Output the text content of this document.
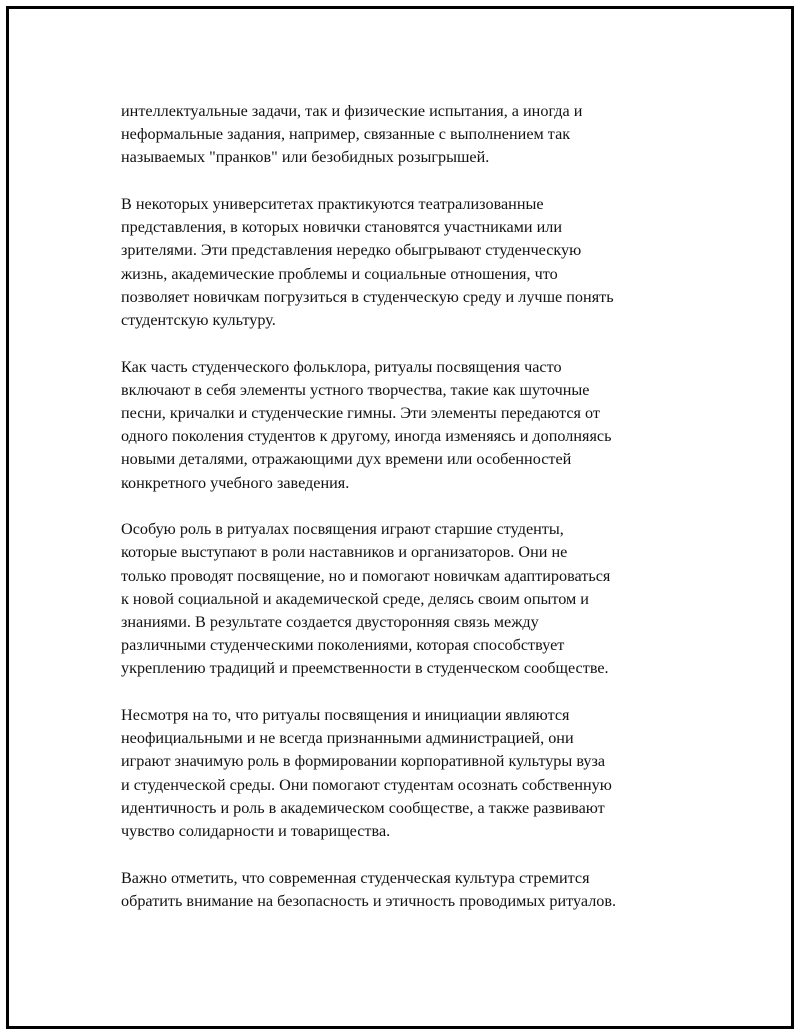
интеллектуальные задачи, так и физические испытания, а иногда и
неформальные задания, например, связанные с выполнением так
называемых "пранков" или безобидных розыгрышей.

В некоторых университетах практикуются театрализованные
представления, в которых новички становятся участниками или
зрителями. Эти представления нередко обыгрывают студенческую
жизнь, академические проблемы и социальные отношения, что
позволяет новичкам погрузиться в студенческую среду и лучше понять
студентскую культуру.

Как часть студенческого фольклора, ритуалы посвящения часто
включают в себя элементы устного творчества, такие как шуточные
песни, кричалки и студенческие гимны. Эти элементы передаются от
одного поколения студентов к другому, иногда изменяясь и дополняясь
новыми деталями, отражающими дух времени или особенностей
конкретного учебного заведения.

Особую роль в ритуалах посвящения играют старшие студенты,
которые выступают в роли наставников и организаторов. Они не
только проводят посвящение, но и помогают новичкам адаптироваться
к новой социальной и академической среде, делясь своим опытом и
знаниями. В результате создается двусторонняя связь между
различными студенческими поколениями, которая способствует
укреплению традиций и преемственности в студенческом сообществе.

Несмотря на то, что ритуалы посвящения и инициации являются
неофициальными и не всегда признанными администрацией, они
играют значимую роль в формировании корпоративной культуры вуза
и студенческой среды. Они помогают студентам осознать собственную
идентичность и роль в академическом сообществе, а также развивают
чувство солидарности и товарищества.

Важно отметить, что современная студенческая культура стремится
обратить внимание на безопасность и этичность проводимых ритуалов.
